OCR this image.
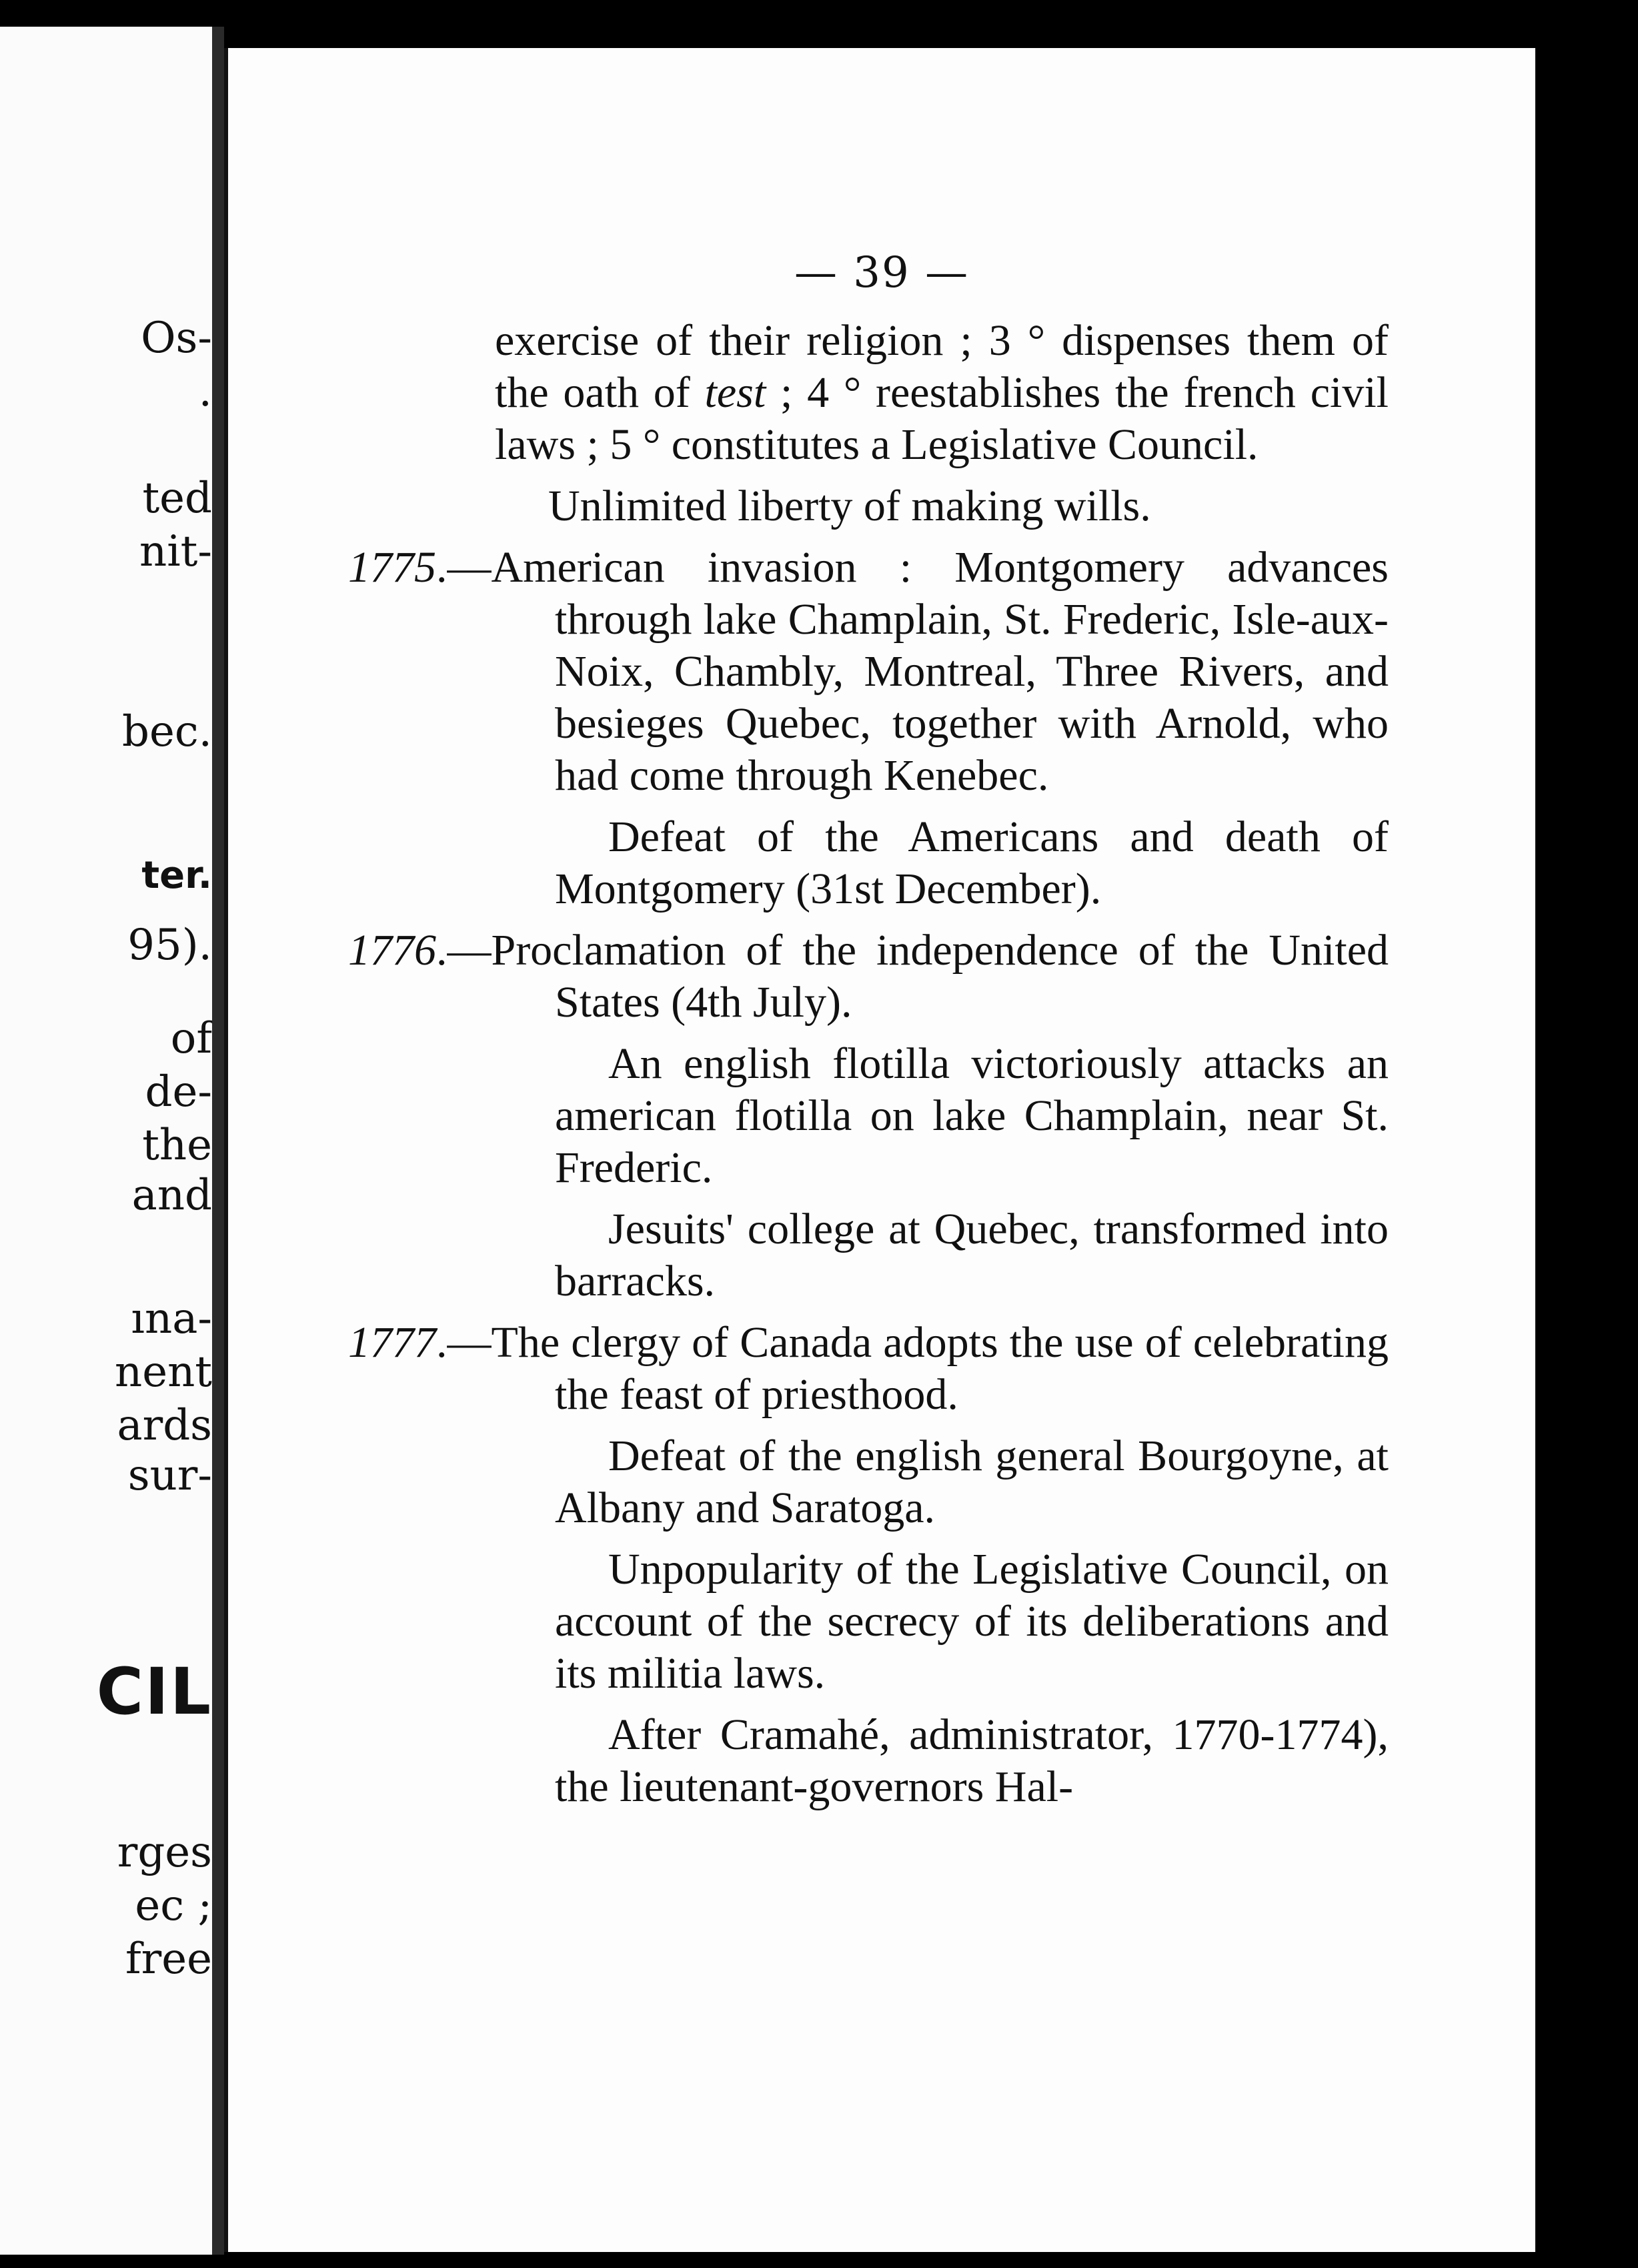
Os-
.
ted
nit-
bec.
ter.
95).
of
de-
the
and
ına-
nent
ards
sur-
CIL
rges
ec ;
free
— 39 —

exercise of their religion ; 3 ° dispenses them of the oath of test ; 4 ° reestablishes the french civil laws ; 5 ° constitutes a Legislative Council.

Unlimited liberty of making wills.

1775.—American invasion : Montgomery advances through lake Champlain, St. Frederic, Isle-aux-Noix, Chambly, Montreal, Three Rivers, and besieges Quebec, together with Arnold, who had come through Kenebec.

Defeat of the Americans and death of Montgomery (31st December).

1776.—Proclamation of the independence of the United States (4th July).

An english flotilla victoriously attacks an american flotilla on lake Champlain, near St. Frederic.

Jesuits' college at Quebec, transformed into barracks.

1777.—The clergy of Canada adopts the use of celebrating the feast of priesthood.

Defeat of the english general Bourgoyne, at Albany and Saratoga.

Unpopularity of the Legislative Council, on account of the secrecy of its deliberations and its militia laws.

After Cramahé, administrator, 1770-1774), the lieutenant-governors Hal-
